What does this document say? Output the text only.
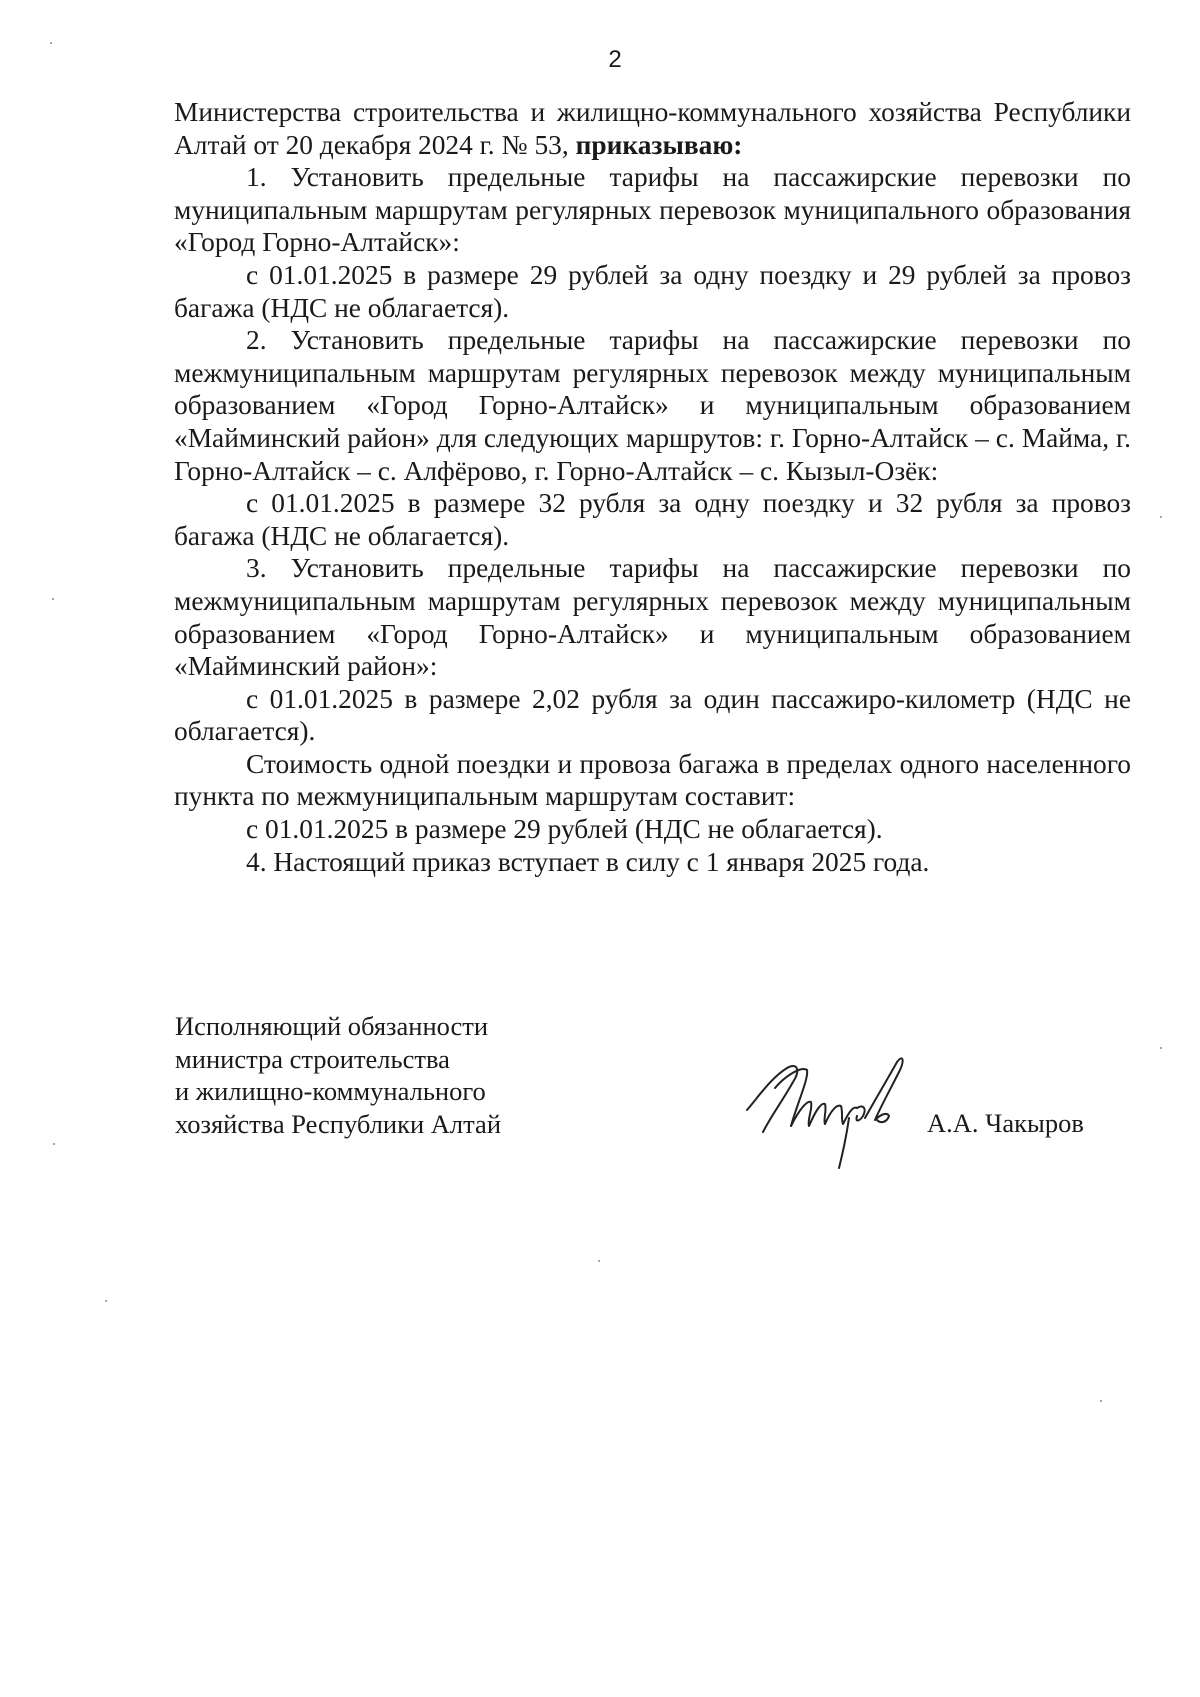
2

Министерства строительства и жилищно-коммунального хозяйства Республики Алтай от 20 декабря 2024 г. № 53, приказываю:

1. Установить предельные тарифы на пассажирские перевозки по муниципальным маршрутам регулярных перевозок муниципального образования «Город Горно-Алтайск»:

с 01.01.2025 в размере 29 рублей за одну поездку и 29 рублей за провоз багажа (НДС не облагается).

2. Установить предельные тарифы на пассажирские перевозки по межмуниципальным маршрутам регулярных перевозок между муниципальным образованием «Город Горно-Алтайск» и муниципальным образованием «Майминский район» для следующих маршрутов: г. Горно-Алтайск – с. Майма, г. Горно-Алтайск – с. Алфёрово, г. Горно-Алтайск – с. Кызыл-Озёк:

с 01.01.2025 в размере 32 рубля за одну поездку и 32 рубля за провоз багажа (НДС не облагается).

3. Установить предельные тарифы на пассажирские перевозки по межмуниципальным маршрутам регулярных перевозок между муниципальным образованием «Город Горно-Алтайск» и муниципальным образованием «Майминский район»:

с 01.01.2025 в размере 2,02 рубля за один пассажиро-километр (НДС не облагается).

Стоимость одной поездки и провоза багажа в пределах одного населенного пункта по межмуниципальным маршрутам составит:

с 01.01.2025 в размере 29 рублей (НДС не облагается).

4. Настоящий приказ вступает в силу с 1 января 2025 года.

Исполняющий обязанности
министра строительства
и жилищно-коммунального
хозяйства Республики Алтай	А.А. Чакыров
